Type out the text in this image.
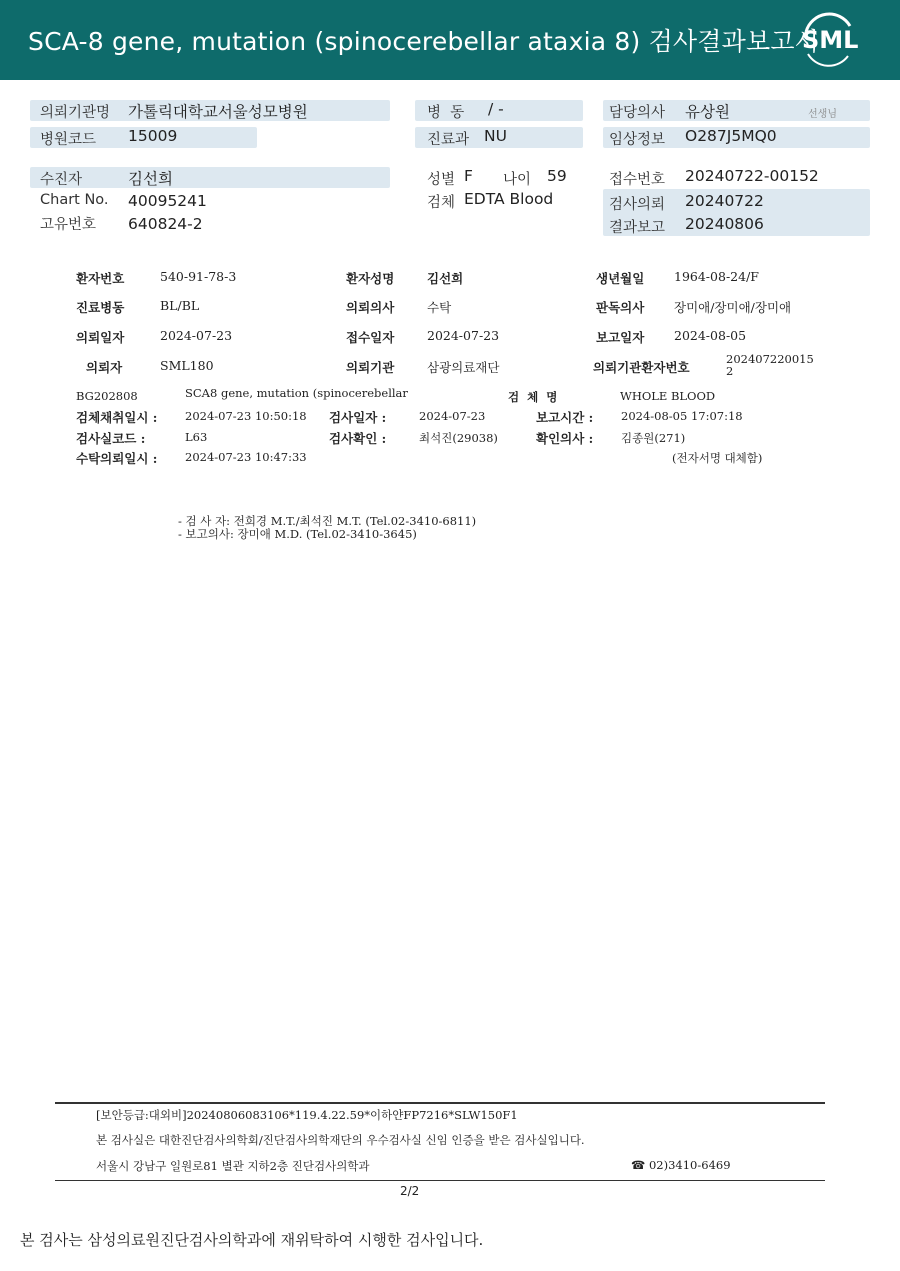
SCA-8 gene, mutation (spinocerebellar ataxia 8) 검사결과보고서
SML
의뢰기관명 가톨릭대학교서울성모병원	병  동 / -	담당의사 유상원	선생님
병원코드 15009	진료과 NU	임상정보 O287J5MQ0
수진자	김선희	성별 F 나이 59	접수번호 20240722-00152
Chart No. 40095241	검체 EDTA Blood	검사의뢰 20240722
고유번호 640824-2	결과보고 20240806
환자번호	540-91-78-3	환자성명	김선희	생년월일 1964-08-24/F
진료병동	BL/BL	의뢰의사	수탁	판독의사 장미애/장미애/장미애
의뢰일자	2024-07-23	접수일자	2024-07-23	보고일자 2024-08-05
의뢰자	SML180	의뢰기관	삼광의료재단	의뢰기관환자번호
202407220015
2
BG202808	SCA8 gene, mutation (spinocerebellar	검  체  명	WHOLE BLOOD
검체채취일시 : 2024-07-23 10:50:18 검사일자 :	2024-07-23	보고시간 : 2024-08-05 17:07:18
검사실코드 :	L63	검사확인 :	최석진(29038)	확인의사 : 김종원(271)
수탁의뢰일시 : 2024-07-23 10:47:33	(전자서명 대체함)
- 검 사 자: 전희경 M.T./최석진 M.T. (Tel.02-3410-6811)
- 보고의사: 장미애 M.D. (Tel.02-3410-3645)
[보안등급:대외비]20240806083106*119.4.22.59*이하얀FP7216*SLW150F1
본 검사실은 대한진단검사의학회/진단검사의학재단의 우수검사실 신임 인증을 받은 검사실입니다.
서울시 강남구 일원로81 별관 지하2층 진단검사의학과	☎ 02)3410-6469
2/2
본 검사는 삼성의료원진단검사의학과에 재위탁하여 시행한 검사입니다.
